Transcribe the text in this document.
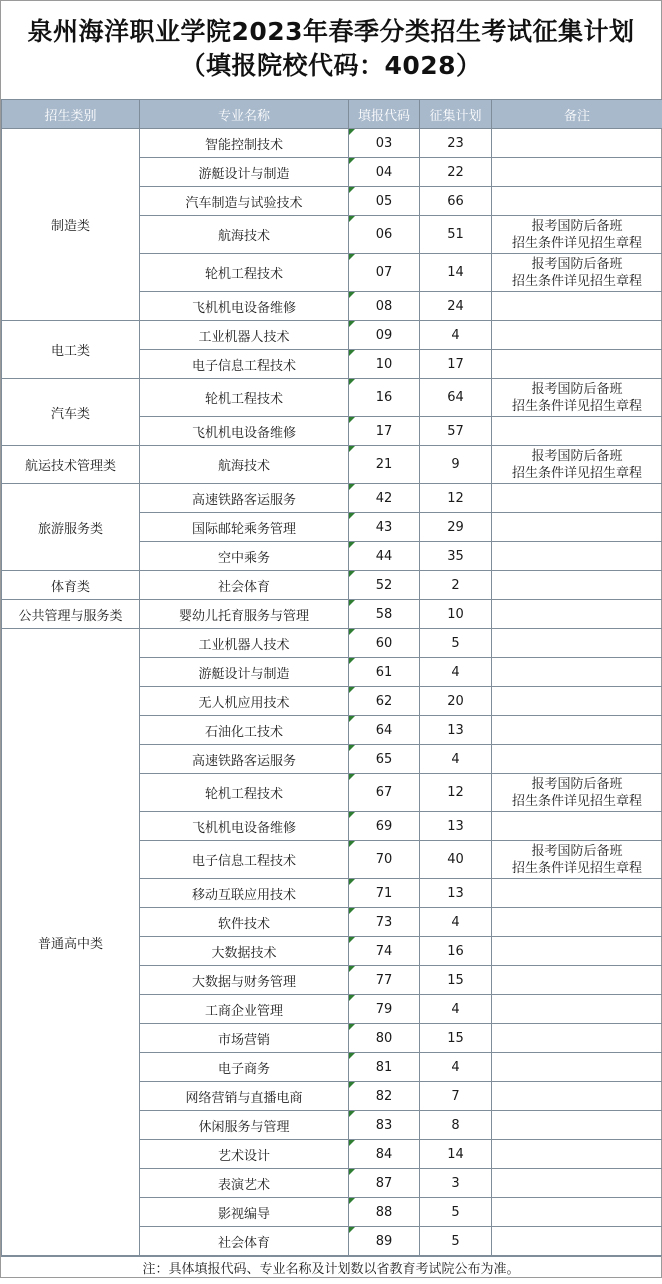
泉州海洋职业学院2023年春季分类招生考试征集计划
（填报院校代码：4028）
招生类别	专业名称	填报代码	征集计划	备注
制造类	智能控制技术	03	23	
	游艇设计与制造	04	22	
	汽车制造与试验技术	05	66	
	航海技术	06	51	报考国防后备班
招生条件详见招生章程

	轮机工程技术	07	14	报考国防后备班
招生条件详见招生章程

	飞机机电设备维修	08	24	
电工类	工业机器人技术	09	4	
	电子信息工程技术	10	17	
汽车类	轮机工程技术	16	64	报考国防后备班
招生条件详见招生章程

	飞机机电设备维修	17	57	
航运技术管理类	航海技术	21	9	报考国防后备班
招生条件详见招生章程

旅游服务类	高速铁路客运服务	42	12	
	国际邮轮乘务管理	43	29	
	空中乘务	44	35	
体育类	社会体育	52	2	
公共管理与服务类	婴幼儿托育服务与管理	58	10	
普通高中类	工业机器人技术	60	5	
	游艇设计与制造	61	4	
	无人机应用技术	62	20	
	石油化工技术	64	13	
	高速铁路客运服务	65	4	
	轮机工程技术	67	12	报考国防后备班
招生条件详见招生章程

	飞机机电设备维修	69	13	
	电子信息工程技术	70	40	报考国防后备班
招生条件详见招生章程

	移动互联应用技术	71	13	
	软件技术	73	4	
	大数据技术	74	16	
	大数据与财务管理	77	15	
	工商企业管理	79	4	
	市场营销	80	15	
	电子商务	81	4	
	网络营销与直播电商	82	7	
	休闲服务与管理	83	8	
	艺术设计	84	14	
	表演艺术	87	3	
	影视编导	88	5	
	社会体育	89	5	
注：具体填报代码、专业名称及计划数以省教育考试院公布为准。
